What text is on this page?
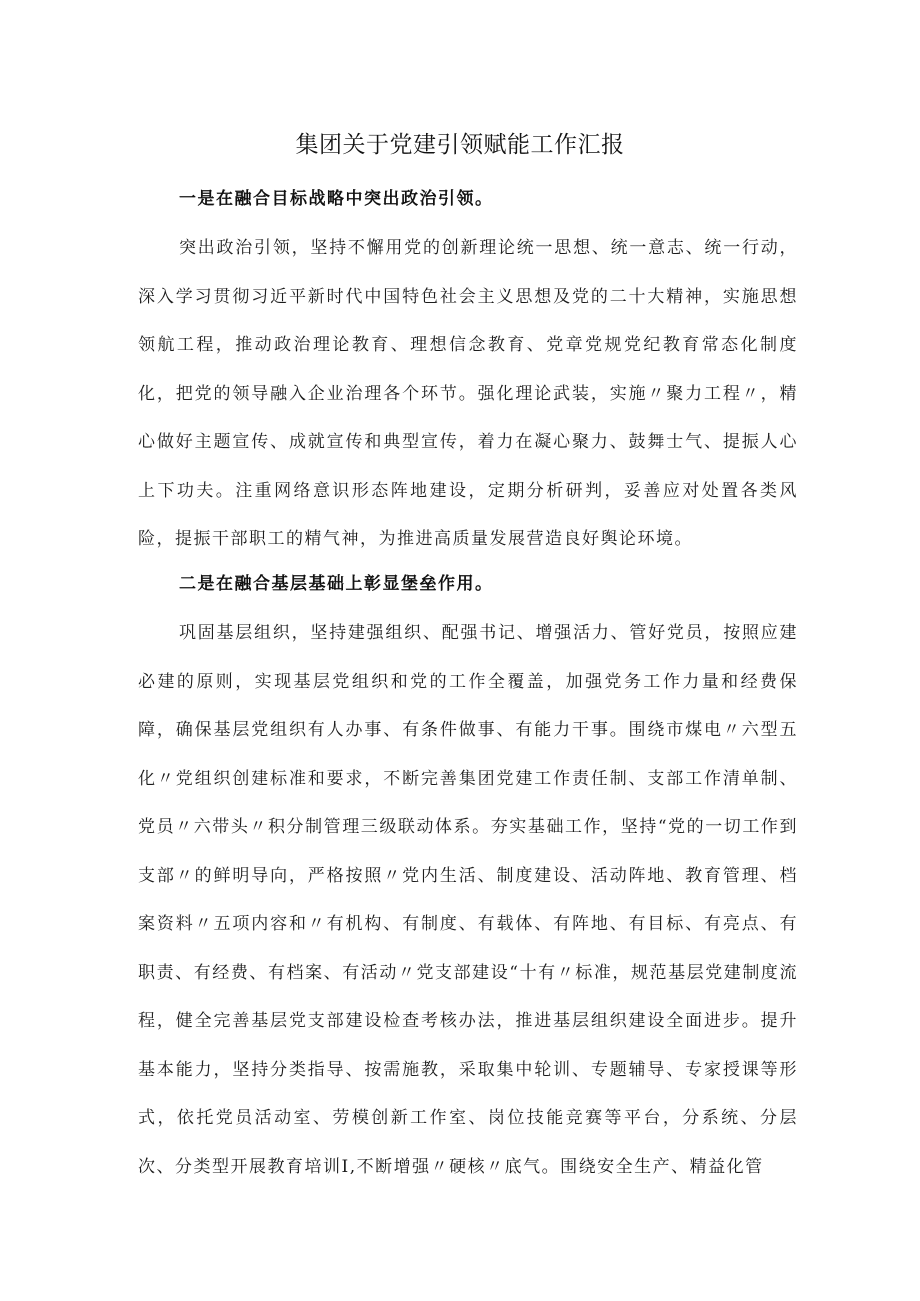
集团关于党建引领赋能工作汇报
一是在融合目标战略中突出政治引领。

突出政治引领，坚持不懈用党的创新理论统一思想、统一意志、统一行动，深入学习贯彻习近平新时代中国特色社会主义思想及党的二十大精神，实施思想领航工程，推动政治理论教育、理想信念教育、党章党规党纪教育常态化制度化，把党的领导融入企业治理各个环节。强化理论武装，实施〃聚力工程〃，精心做好主题宣传、成就宣传和典型宣传，着力在凝心聚力、鼓舞士气、提振人心上下功夫。注重网络意识形态阵地建设，定期分析研判，妥善应对处置各类风险，提振干部职工的精气神，为推进高质量发展营造良好舆论环境。

二是在融合基层基础上彰显堡垒作用。

巩固基层组织，坚持建强组织、配强书记、增强活力、管好党员，按照应建必建的原则，实现基层党组织和党的工作全覆盖，加强党务工作力量和经费保障，确保基层党组织有人办事、有条件做事、有能力干事。围绕市煤电〃六型五化〃党组织创建标准和要求，不断完善集团党建工作责任制、支部工作清单制、党员〃六带头〃积分制管理三级联动体系。夯实基础工作，坚持“党的一切工作到支部〃的鲜明导向，严格按照〃党内生活、制度建设、活动阵地、教育管理、档案资料〃五项内容和〃有机构、有制度、有载体、有阵地、有目标、有亮点、有职责、有经费、有档案、有活动〃党支部建设“十有〃标准，规范基层党建制度流程，健全完善基层党支部建设检查考核办法，推进基层组织建设全面进步。提升基本能力，坚持分类指导、按需施教，采取集中轮训、专题辅导、专家授课等形式，依托党员活动室、劳模创新工作室、岗位技能竞赛等平台，分系统、分层次、分类型开展教育培训Ⅰ,不断增强〃硬核〃底气。围绕安全生产、精益化管
